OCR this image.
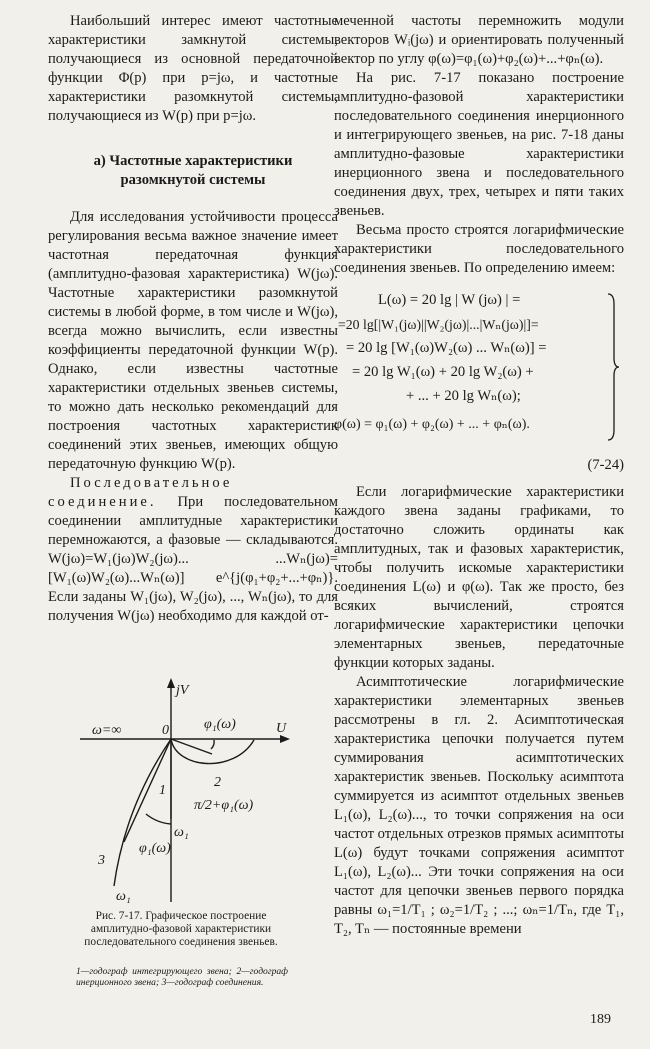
Наибольший интерес имеют частотные характеристики замкнутой системы, получающиеся из основной передаточной функции Φ(p) при p=jω, и частотные характеристики разомкнутой системы, получающиеся из W(p) при p=jω.

а) Частотные характеристики
разомкнутой системы

Для исследования устойчивости процесса регулирования весьма важное значение имеет частотная передаточная функция (амплитудно-фазовая характеристика) W(jω). Частотные характеристики разомкнутой системы в любой форме, в том числе и W(jω), всегда можно вычислить, если известны коэффициенты передаточной функции W(p). Однако, если известны частотные характеристики отдельных звеньев системы, то можно дать несколько рекомендаций для построения частотных характеристик соединений этих звеньев, имеющих общую передаточную функцию W(p).

Последовательное соединение. При последовательном соединении амплитудные характеристики перемножаются, а фазовые — складываются. W(jω)=W₁(jω)W₂(jω)... ...Wₙ(jω)=[W₁(ω)W₂(ω)...Wₙ(ω)] e^{j(φ₁+φ₂+...+φₙ)}. Если заданы W₁(jω), W₂(jω), ..., Wₙ(jω), то для получения W(jω) необходимо для каждой от-

jV
U
0
ω=∞	φ₁(ω)
π/2+φ₁(ω)
1
2
3
ω₁
φ₁(ω)
ω₁
Рис. 7-17. Графическое построение амплитудно-фазовой характеристики последовательного соединения звеньев.
1—годограф интегрирующего звена; 2—годограф инерционного звена; 3—годограф соединения.

меченной частоты перемножить модули векторов Wᵢ(jω) и ориентировать полученный вектор по углу φ(ω)=φ₁(ω)+φ₂(ω)+...+φₙ(ω).

На рис. 7-17 показано построение амплитудно-фазовой характеристики последовательного соединения инерционного и интегрирующего звеньев, на рис. 7-18 даны амплитудно-фазовые характеристики инерционного звена и последовательного соединения двух, трех, четырех и пяти таких звеньев.

Весьма просто строятся логарифмические характеристики последовательного соединения звеньев. По определению имеем:

L(ω) = 20 lg | W (jω) | =
=20 lg[|W₁(jω)||W₂(jω)|...|Wₙ(jω)|]=
= 20 lg [W₁(ω)W₂(ω) ... Wₙ(ω)] =
= 20 lg W₁(ω) + 20 lg W₂(ω) +
+ ... + 20 lg Wₙ(ω);
φ(ω) = φ₁(ω) + φ₂(ω) + ... + φₙ(ω).
(7-24)

Если логарифмические характеристики каждого звена заданы графиками, то достаточно сложить ординаты как амплитудных, так и фазовых характеристик, чтобы получить искомые характеристики соединения L(ω) и φ(ω). Так же просто, без всяких вычислений, строятся логарифмические характеристики цепочки элементарных звеньев, передаточные функции которых заданы.

Асимптотические логарифмические характеристики элементарных звеньев рассмотрены в гл. 2. Асимптотическая характеристика цепочки получается путем суммирования асимптотических характеристик звеньев. Поскольку асимптота суммируется из асимптот отдельных звеньев L₁(ω), L₂(ω)..., то точки сопряжения на оси частот отдельных отрезков прямых асимптоты L(ω) будут точками сопряжения асимптот L₁(ω), L₂(ω)... Эти точки сопряжения на оси частот для цепочки звеньев первого порядка равны ω₁=1/T₁ ; ω₂=1/T₂ ; ...; ωₙ=1/Tₙ, где T₁, T₂, Tₙ — постоянные времени

189
